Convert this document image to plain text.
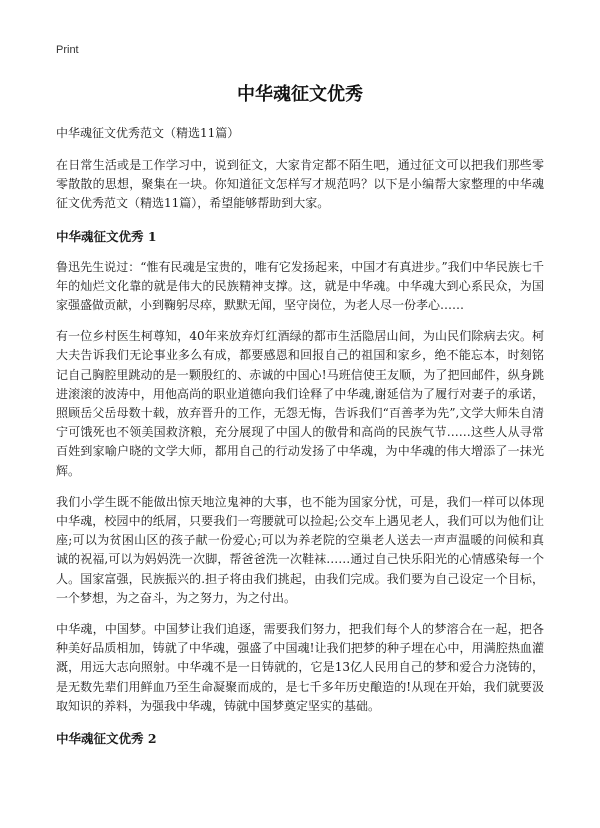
Print
中华魂征文优秀
中华魂征文优秀范文（精选11篇）

在日常生活或是工作学习中，说到征文，大家肯定都不陌生吧，通过征文可以把我们那些零零散散的思想，聚集在一块。你知道征文怎样写才规范吗？以下是小编帮大家整理的中华魂征文优秀范文（精选11篇），希望能够帮助到大家。

中华魂征文优秀 1

鲁迅先生说过：“惟有民魂是宝贵的，唯有它发扬起来，中国才有真进步。”我们中华民族七千年的灿烂文化靠的就是伟大的民族精神支撑。这，就是中华魂。中华魂大到心系民众，为国家强盛做贡献，小到鞠躬尽瘁，默默无闻，坚守岗位，为老人尽一份孝心……

有一位乡村医生柯尊知，40年来放弃灯红酒绿的都市生活隐居山间，为山民们除病去灾。柯大夫告诉我们无论事业多么有成，都要感恩和回报自己的祖国和家乡，绝不能忘本，时刻铭记自己胸腔里跳动的是一颗殷红的、赤诚的中国心!马班信使王友顺，为了把回邮件，纵身跳进滚滚的波涛中，用他高尚的职业道德向我们诠释了中华魂,谢延信为了履行对妻子的承诺，照顾岳父岳母数十载，放弃晋升的工作，无怨无悔，告诉我们“百善孝为先”,文学大师朱自清宁可饿死也不领美国救济粮，充分展现了中国人的傲骨和高尚的民族气节……这些人从寻常百姓到家喻户晓的文学大师，都用自己的行动发扬了中华魂，为中华魂的伟大增添了一抹光辉。

我们小学生既不能做出惊天地泣鬼神的大事，也不能为国家分忧，可是，我们一样可以体现中华魂，校园中的纸屑，只要我们一弯腰就可以捡起;公交车上遇见老人，我们可以为他们让座;可以为贫困山区的孩子献一份爱心;可以为养老院的空巢老人送去一声声温暖的问候和真诚的祝福,可以为妈妈洗一次脚，帮爸爸洗一次鞋袜……通过自己快乐阳光的心情感染每一个人。国家富强，民族振兴的.担子将由我们挑起，由我们完成。我们要为自己设定一个目标，一个梦想，为之奋斗，为之努力，为之付出。

中华魂，中国梦。中国梦让我们追逐，需要我们努力，把我们每个人的梦溶合在一起，把各种美好品质相加，铸就了中华魂，强盛了中国魂!让我们把梦的种子埋在心中，用满腔热血灌溉，用远大志向照射。中华魂不是一日铸就的，它是13亿人民用自己的梦和爱合力浇铸的，是无数先辈们用鲜血乃至生命凝聚而成的，是七千多年历史酿造的!从现在开始，我们就要汲取知识的养料，为强我中华魂，铸就中国梦奠定坚实的基础。

中华魂征文优秀 2
